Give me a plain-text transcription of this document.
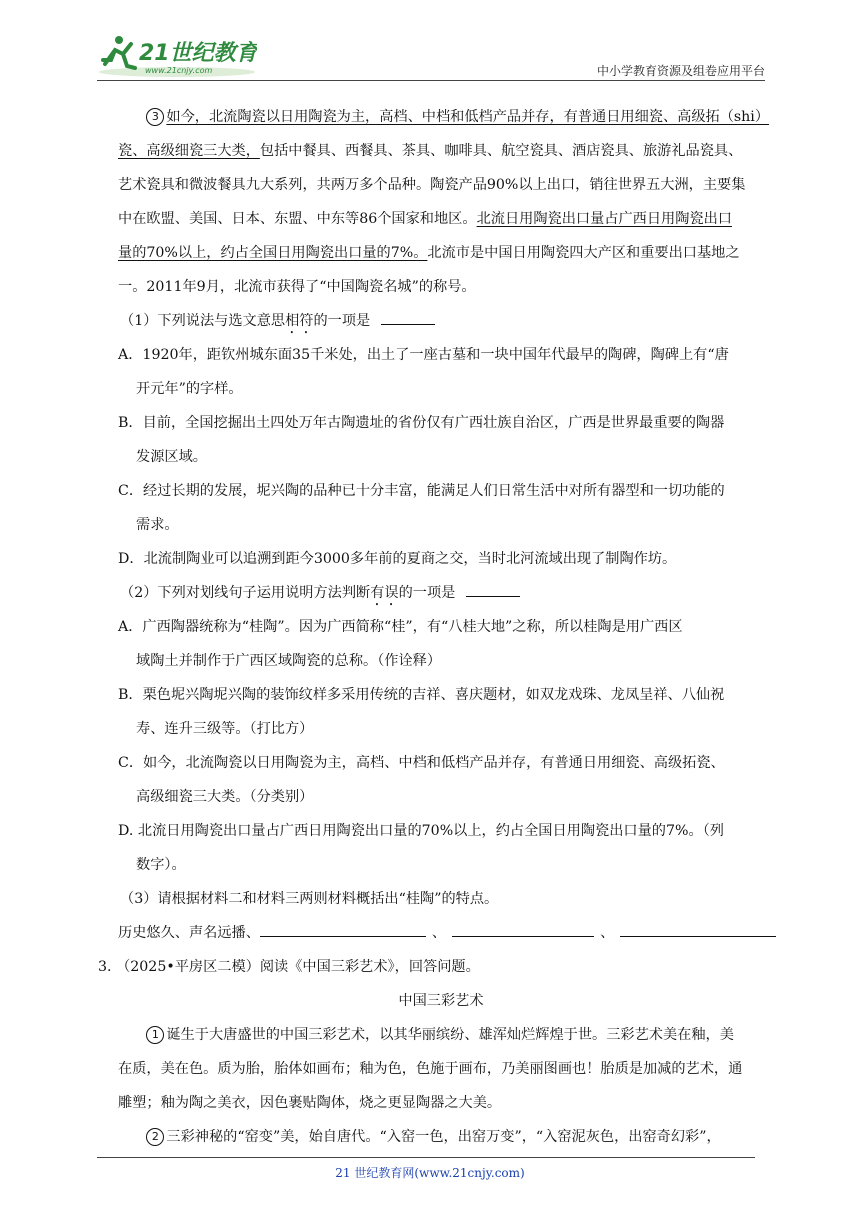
21世纪教育
www.21cnjy.com	中小学教育资源及组卷应用平台
3 如今，北流陶瓷以日用陶瓷为主，高档、中档和低档产品并存，有普通日用细瓷、高级拓（shi）
瓷、高级细瓷三大类，包括中餐具、西餐具、茶具、咖啡具、航空瓷具、酒店瓷具、旅游礼品瓷具、
艺术瓷具和微波餐具九大系列，共两万多个品种。陶瓷产品90%以上出口，销往世界五大洲，主要集
中在欧盟、美国、日本、东盟、中东等86个国家和地区。北流日用陶瓷出口量占广西日用陶瓷出口
量的70%以上，约占全国日用陶瓷出口量的7%。北流市是中国日用陶瓷四大产区和重要出口基地之
一。2011年9月，北流市获得了“中国陶瓷名城”的称号。
（1）下列说法与选文意思相符的一项是
A．1920年，距钦州城东面35千米处，出土了一座古墓和一块中国年代最早的陶碑，陶碑上有“唐
开元年”的字样。
B．目前，全国挖掘出土四处万年古陶遗址的省份仅有广西壮族自治区，广西是世界最重要的陶器
发源区域。
C．经过长期的发展，坭兴陶的品种已十分丰富，能满足人们日常生活中对所有器型和一切功能的
需求。
D．北流制陶业可以追溯到距今3000多年前的夏商之交，当时北河流域出现了制陶作坊。
（2）下列对划线句子运用说明方法判断有误的一项是
A．广西陶器统称为“桂陶”。因为广西简称“桂”，有“八桂大地”之称，所以桂陶是用广西区
域陶土并制作于广西区域陶瓷的总称。（作诠释）
B．栗色坭兴陶坭兴陶的装饰纹样多采用传统的吉祥、喜庆题材，如双龙戏珠、龙凤呈祥、八仙祝
寿、连升三级等。（打比方）
C．如今，北流陶瓷以日用陶瓷为主，高档、中档和低档产品并存，有普通日用细瓷、高级拓瓷、
高级细瓷三大类。（分类别）
D. 北流日用陶瓷出口量占广西日用陶瓷出口量的70%以上，约占全国日用陶瓷出口量的7%。（列
数字）。
（3）请根据材料二和材料三两则材料概括出“桂陶”的特点。
历史悠久、声名远播、	、	、
3. （2025•平房区二模）阅读《中国三彩艺术》，回答问题。
中国三彩艺术
1 诞生于大唐盛世的中国三彩艺术，以其华丽缤纷、雄浑灿烂辉煌于世。三彩艺术美在釉，美
在质，美在色。质为胎，胎体如画布；釉为色，色施于画布，乃美丽图画也！胎质是加减的艺术，通
雕塑；釉为陶之美衣，因色裹贴陶体，烧之更显陶器之大美。
2 三彩神秘的“窑变”美，始自唐代。“入窑一色，出窑万变”，“入窑泥灰色，出窑奇幻彩”，
21 世纪教育网(www.21cnjy.com)
